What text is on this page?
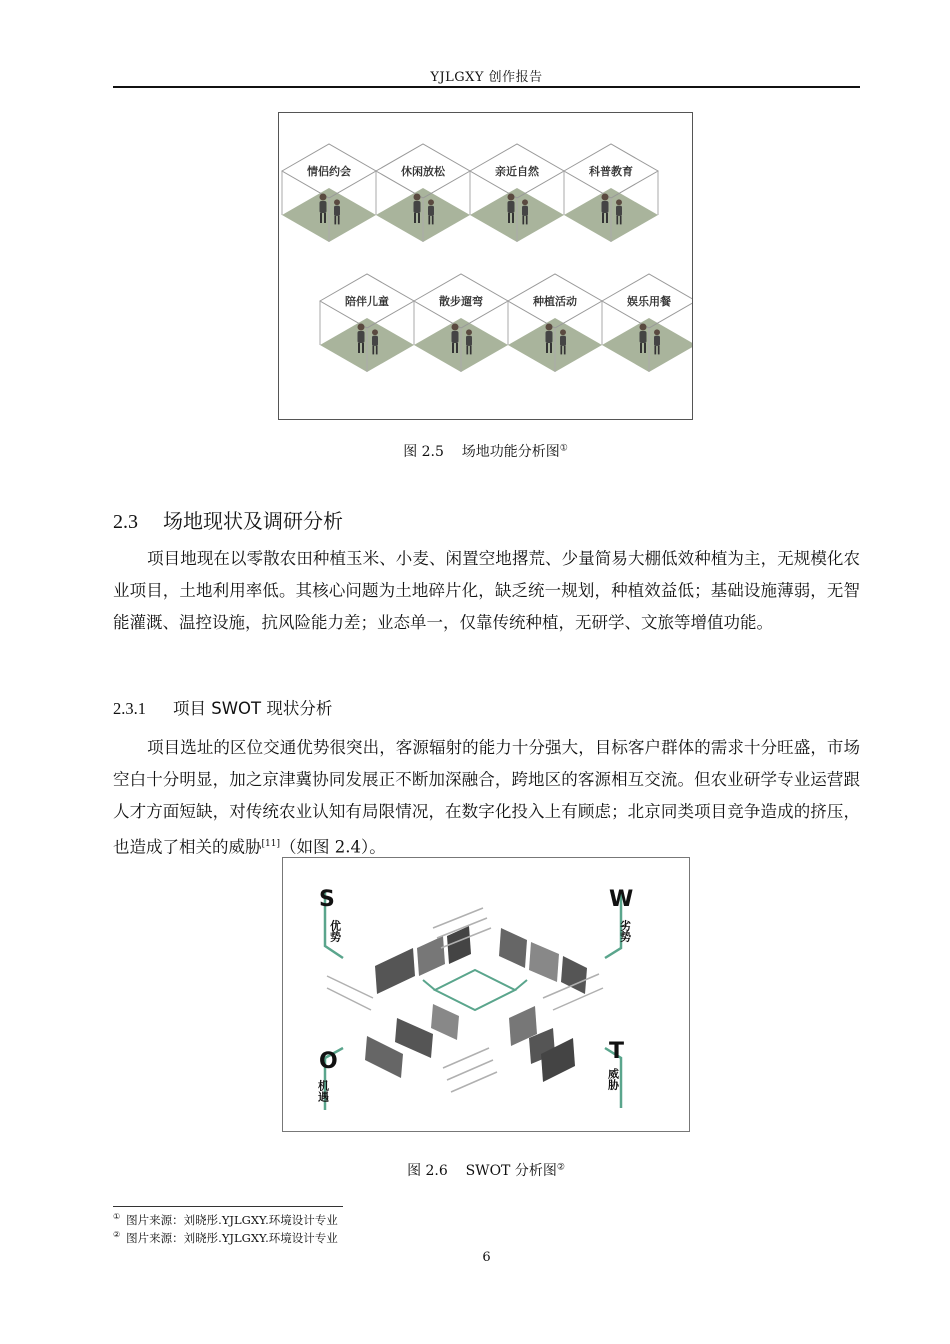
YJLGXY 创作报告
情侣约会	休闲放松	亲近自然	科普教育
陪伴儿童	散步遛弯	种植活动	娱乐用餐
图 2.5 场地功能分析图①
2.3 场地现状及调研分析
项目地现在以零散农田种植玉米、小麦、闲置空地撂荒、少量简易大棚低效种植为主，无规模化农业项目，土地利用率低。其核心问题为土地碎片化，缺乏统一规划，种植效益低；基础设施薄弱，无智能灌溉、温控设施，抗风险能力差；业态单一，仅靠传统种植，无研学、文旅等增值功能。
2.3.1 项目 SWOT 现状分析
项目选址的区位交通优势很突出，客源辐射的能力十分强大，目标客户群体的需求十分旺盛，市场空白十分明显，加之京津冀协同发展正不断加深融合，跨地区的客源相互交流。但农业研学专业运营跟人才方面短缺，对传统农业认知有局限情况，在数字化投入上有顾虑；北京同类项目竞争造成的挤压，也造成了相关的威胁[11]（如图 2.4）。
S
优势
W
劣势
O
机遇
T
威胁
图 2.6 SWOT 分析图②
① 图片来源：刘晓彤.YJLGXY.环境设计专业
② 图片来源：刘晓彤.YJLGXY.环境设计专业
6
